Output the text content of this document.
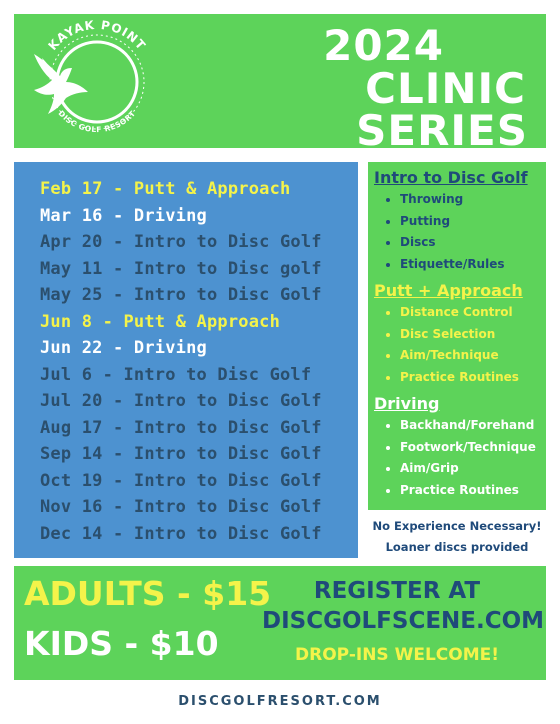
KAYAK POINT
DISC GOLF RESORT
2024
CLINIC
SERIES
Feb 17 - Putt & Approach
Mar 16 - Driving
Apr 20 - Intro to Disc Golf
May 11 - Intro to Disc golf
May 25 - Intro to Disc Golf
Jun 8 - Putt & Approach
Jun 22 - Driving
Jul 6 - Intro to Disc Golf
Jul 20 - Intro to Disc Golf
Aug 17 - Intro to Disc Golf
Sep 14 - Intro to Disc Golf
Oct 19 - Intro to Disc Golf
Nov 16 - Intro to Disc Golf
Dec 14 - Intro to Disc Golf
Intro to Disc Golf
• Throwing
• Putting
• Discs
• Etiquette/Rules
Putt + Approach
• Distance Control
• Disc Selection
• Aim/Technique
• Practice Routines
Driving
• Backhand/Forehand
• Footwork/Technique
• Aim/Grip
• Practice Routines
No Experience Necessary!
Loaner discs provided
ADULTS - $15
KIDS - $10
REGISTER AT
DISCGOLFSCENE.COM
DROP-INS WELCOME!
DISCGOLFRESORT.COM
